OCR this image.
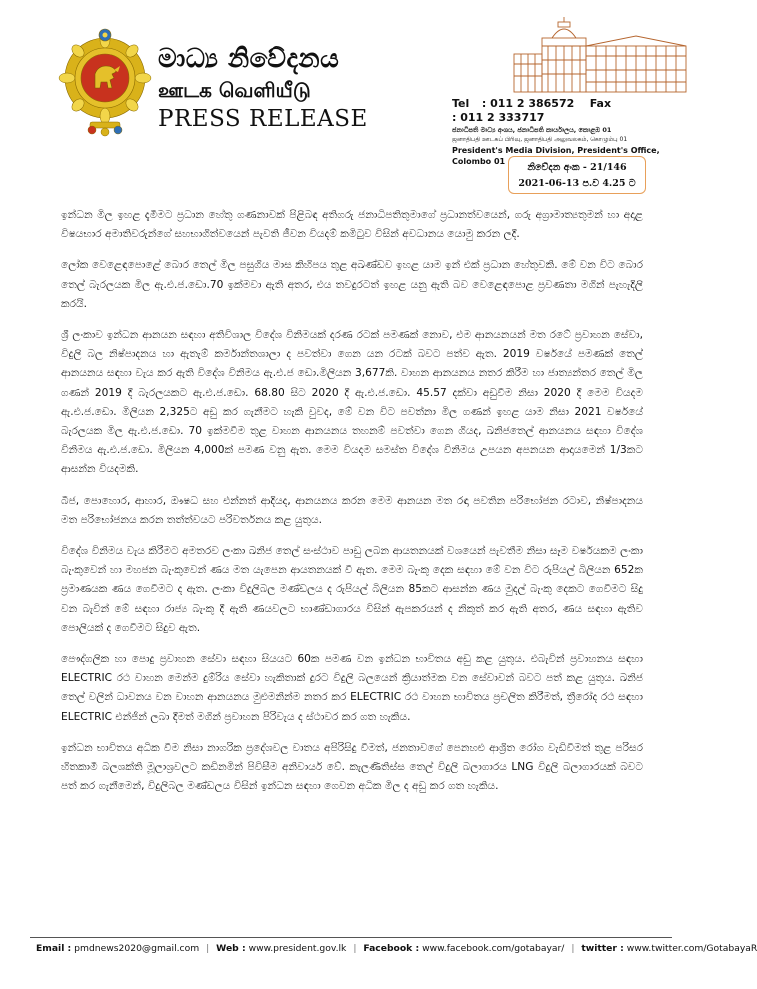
මාධ්‍ය නිවේදනය
ஊடக வெளியீடு
PRESS RELEASE
Tel : 011 2 386572 Fax : 011 2 333717
ජනාධිපති මාධ්‍ය අංශය, ජනාධිපති කාර්යාලය, කොළඹ 01
ஜனாதிபதி ஊடகப் பிரிவு, ஜனாதிபதி அலுவலகம், கொழும்பு 01
President's Media Division, President's Office, Colombo 01
නිවේදන අංක - 21/146
2021-06-13 ප.ව 4.25 ට

ඉන්ධන මිල ඉහළ දැමීමට ප්‍රධාන හේතු ගණනාවක් පිළිබඳ අතිගරු ජනාධිපතිතුමාගේ ප්‍රධානත්වයෙන්, ගරු අග්‍රාමාත්‍යතුමන් හා අදාළ විෂයභාර අමාතිවරුන්ගේ සහභාගිත්වයෙන් පැවති ජීවන වියදම් කමිටුව විසින් අවධානය යොමු කරන ලදී.

ලෝක වෙළෙඳපොළේ බොර තෙල් මිල පසුගිය මාස කිහිපය තුළ අඛණ්ඩව ඉහළ යාම ඉන් එක් ප්‍රධාන හේතුවකි. මේ වන විට බොර තෙල් බැරලයක මිල ඇ.එ.ජ.ඩො.70 ඉක්මවා ඇති අතර, එය තවදුරටත් ඉහළ යනු ඇති බව වෙළෙඳපොළ ප්‍රවණතා මගින් පැහැදිලි කරයි.

ශ්‍රී ලංකාව ඉන්ධන ආනයන සඳහා අතිවිශාල විදේශ විනිමයක් දරණ රටක් පමණක් නොව, එම ආනයනයන් මත රටේ ප්‍රවාහන සේවා, විදුලි බල නිෂ්පාදනය හා ඇතැම් කර්මාන්තශාලා ද පවත්වා ගෙන යන රටක් බවට පත්ව ඇත. 2019 වර්ෂයේ පමණක් තෙල් ආනයනය සඳහා වැය කර ඇති විදේශ විනිමය ඇ.එ.ජ ඩො.මිලියන 3,677කි. වාහන ආනයනය නතර කිරීම හා ජාත්‍යන්තර තෙල් මිල ගණන් 2019 දී බැරලයකට ඇ.එ.ජ.ඩො. 68.80 සිට 2020 දී ඇ.එ.ජ.ඩො. 45.57 දක්වා අඩුවීම නිසා 2020 දී මෙම වියදම ඇ.එ.ජ.ඩො. මිලියන 2,325ට අඩු කර ගැනීමට හැකි වුවද, මේ වන විට පවත්නා මිල ගණන් ඉහළ යාම නිසා 2021 වර්ෂයේ බැරලයක මිල ඇ.එ.ජ.ඩො. 70 ඉක්මවීම තුළ වාහන ආනයනය තහනම් පවත්වා ගෙන ගියද, ඛනිජතෙල් ආනයනය සඳහා විදේශ විනිමය ඇ.එ.ජ.ඩො. මිලියන 4,000ක් පමණ වනු ඇත. මෙම වියදම සමස්ත විදේශ විනිමය උපයන අපනයන ආදායමෙන් 1/3කට ආසන්න වියදමකි.

බීජ, පොහොර, ආහාර, ඖෂධ සහ එන්නත් ආදියද, ආනයනය කරන මෙම ආනයන මත රඳා පවතින පරිභෝජන රටාව, නිෂ්පාදනය මත පරිභෝජනය කරන තත්ත්වයට පරිවර්තනය කළ යුතුය.

විදේශ විනිමය වැය කිරීමට අමතරව ලංකා ඛනිජ තෙල් සංස්ථාව පාඩු ලබන ආයතනයක් වශයෙන් පැවතීම නිසා සෑම වර්ෂයකම ලංකා බැංකුවෙන් හා මහජන බැංකුවෙන් ණය මත යැපෙන ආයතනයක් වී ඇත. මෙම බැංකු දෙක සඳහා මේ වන විට රුපියල් බිලියන 652ක ප්‍රමාණයක ණය ගෙවීමට ද ඇත. ලංකා විදුලිබල මණ්ඩලය ද රුපියල් බිලියන 85කට ආසන්න ණය මුදල් බැංකු දෙකට ගෙවීමට සිදු වන බැවින් මේ සඳහා රාජ්‍ය බැංකු දී ඇති ණයවලට භාණ්ඩාගාරය විසින් ඇපකරයන් ද නිකුත් කර ඇති අතර, ණය සඳහා ඇතිව පොලියක් ද ගෙවීමට සිදුව ඇත.

පෞද්ගලික හා පොදු ප්‍රවාහන සේවා සඳහා සියයට 60ක පමණ වන ඉන්ධන භාවිතය අඩු කළ යුතුය. එබැවින් ප්‍රවාහනය සඳහා ELECTRIC රථ වාහන මෙන්ම දුම්රිය සේවා හැකිතාක් දුරට විදුලි බලයෙන් ක්‍රියාත්මක වන සේවාවන් බවට පත් කළ යුතුය. ඛනිජ තෙල් වලින් ධාවනය වන වාහන ආනයනය මුළුමනින්ම නතර කර ELECTRIC රථ වාහන භාවිතය ප්‍රචලිත කිරීමත්, ත්‍රීරෝද රථ සඳහා ELECTRIC එන්ජින් ලබා දීමත් මගින් ප්‍රවාහන පිරිවැය ද ස්ථාවර කර ගත හැකිය.

ඉන්ධන භාවිතය අධික වීම නිසා නාගරික ප්‍රදේශවල වාතය අපිරිසිදු වීමත්, ජනතාවගේ පෙනහළු ආශ්‍රිත රෝග වැඩිවීමත් තුළ පරිසර හිතකාමී බලශක්ති මූලාශ්‍රවලට කඩිනමින් පිවිසීම අනිවාර්ය වේ. කැලණිතිස්ස තෙල් විදුලි බලාගාරය LNG විදුලි බලාගාරයක් බවට පත් කර ගැනීමෙන්, විදුලිබල මණ්ඩලය විසින් ඉන්ධන සඳහා ගෙවන අධික මිල ද අඩු කර ගත හැකිය.

Email : pmdnews2020@gmail.com | Web : www.president.gov.lk | Facebook : www.facebook.com/gotabayar/ | twitter : www.twitter.com/GotabayaR
